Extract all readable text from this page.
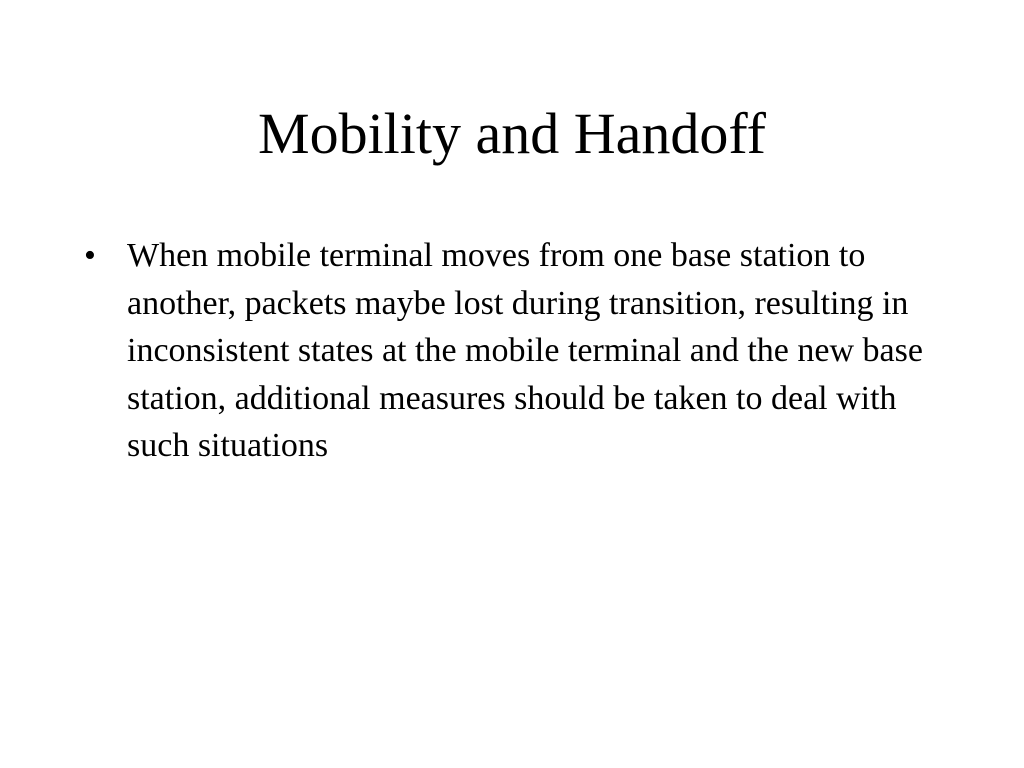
Mobility and Handoff
• When mobile terminal moves from one base station to another, packets maybe lost during transition, resulting in inconsistent states at the mobile terminal and the new base station, additional measures should be taken to deal with such situations
